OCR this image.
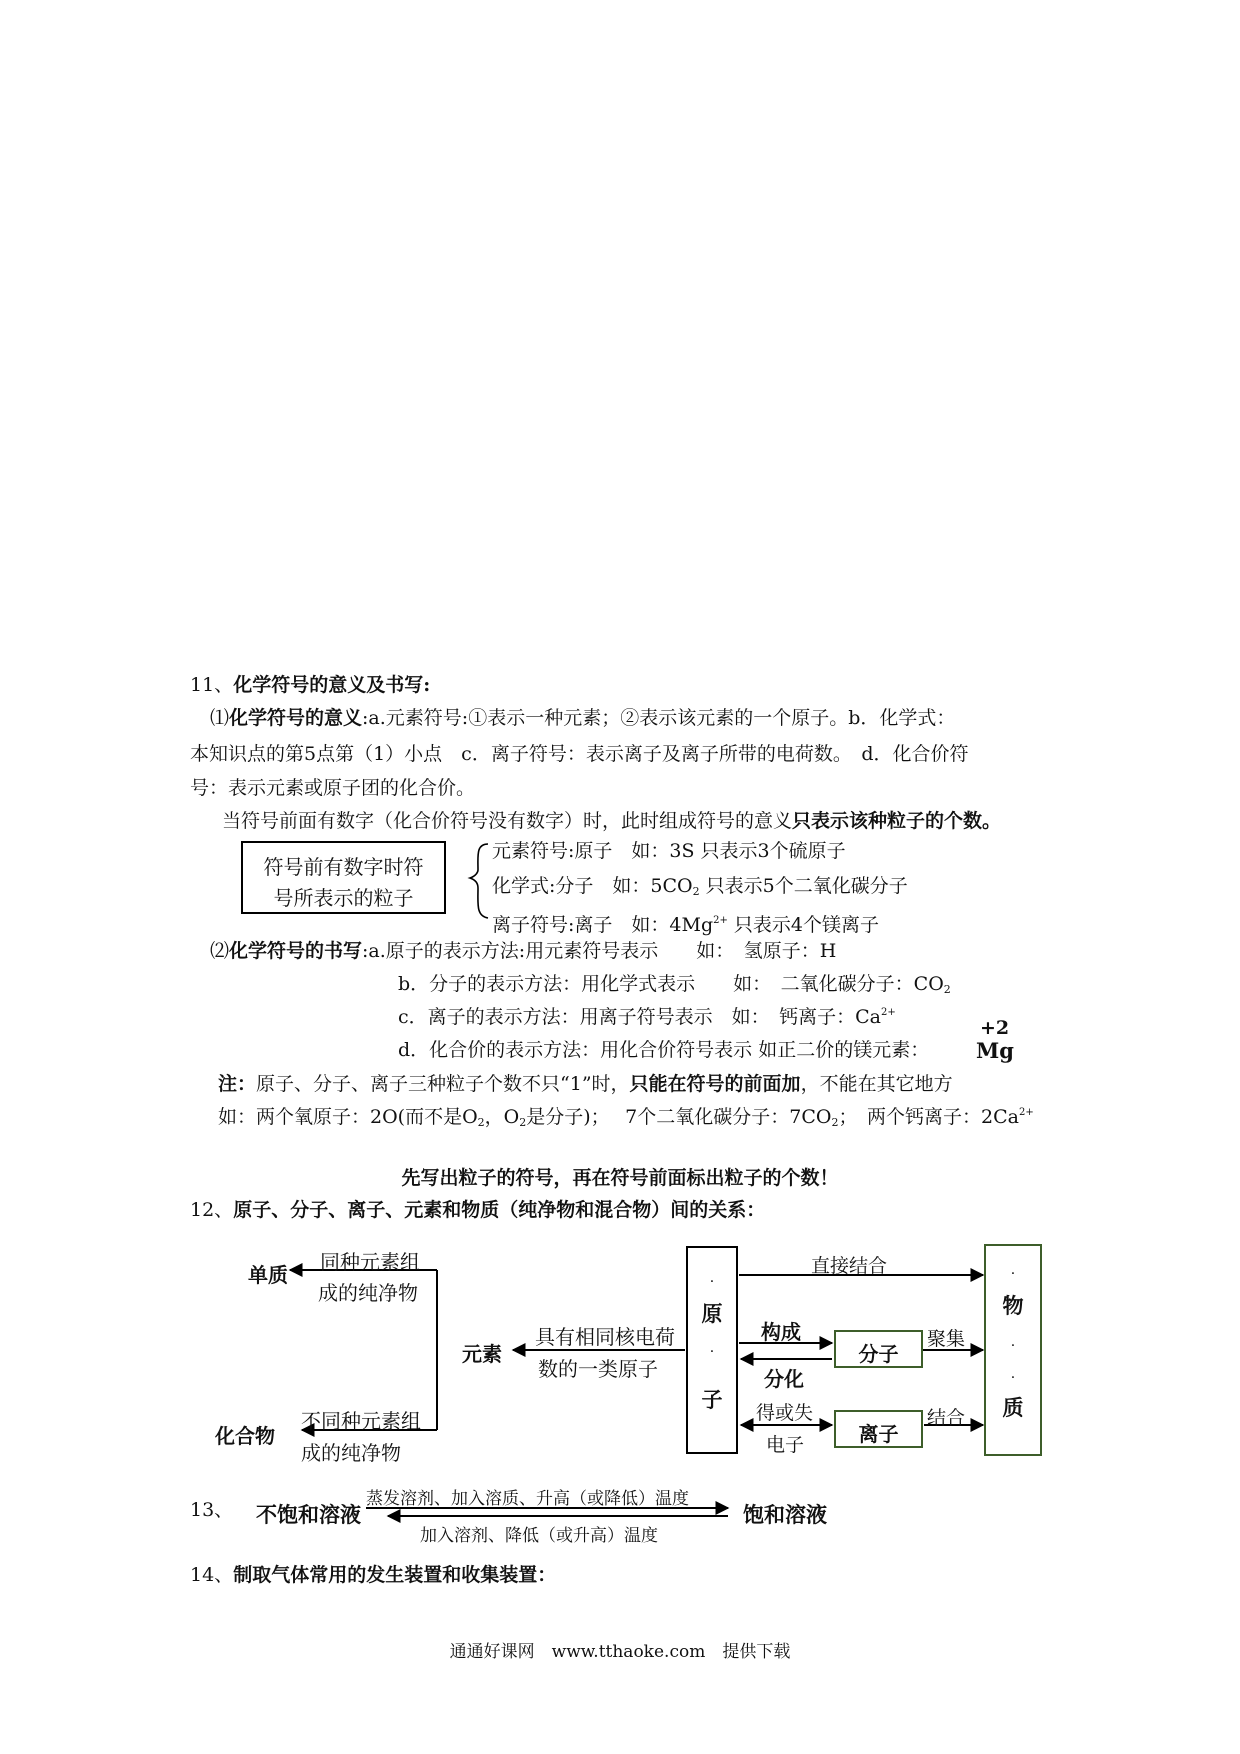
11、化学符号的意义及书写:
⑴化学符号的意义:a.元素符号:①表示一种元素；②表示该元素的一个原子。b．化学式：
本知识点的第5点第（1）小点　c．离子符号：表示离子及离子所带的电荷数。　d．化合价符
号：表示元素或原子团的化合价。
当符号前面有数字（化合价符号没有数字）时，此时组成符号的意义只表示该种粒子的个数。
符号前有数字时符
号所表示的粒子
元素符号:原子　如：3S 只表示3个硫原子
化学式:分子　如：$5CO_2$ 只表示5个二氧化碳分子
离子符号:离子　如：$4Mg^{2+}$ 只表示4个镁离子
⑵化学符号的书写:a.原子的表示方法:用元素符号表示　　如：　氢原子：H
b．分子的表示方法：用化学式表示　　如：　二氧化碳分子：$CO_2$
c．离子的表示方法：用离子符号表示　如：　钙离子：$Ca^{2+}$
d．化合价的表示方法：用化合价符号表示 如正二价的镁元素：
+2
Mg
注：原子、分子、离子三种粒子个数不只“1”时，只能在符号的前面加，不能在其它地方
如：两个氧原子：2O(而不是$O_2$，$O_2$是分子)；　 7个二氧化碳分子：$7CO_2$；　两个钙离子：$2Ca^{2+}$
先写出粒子的符号，再在符号前面标出粒子的个数！
12、原子、分子、离子、元素和物质（纯净物和混合物）间的关系：
单质
同种元素组
成的纯净物
化合物
不同种元素组
成的纯净物
元素
具有相同核电荷
数的一类原子
·
原
·
子
·
物
·
·
质
直接结合
构成
分化
分子
聚集
得或失
电子	离子
结合
13、 不饱和溶液	饱和溶液
蒸发溶剂、加入溶质、升高（或降低）温度
加入溶剂、降低（或升高）温度
14、制取气体常用的发生装置和收集装置：
通通好课网　www.tthaoke.com　提供下载
